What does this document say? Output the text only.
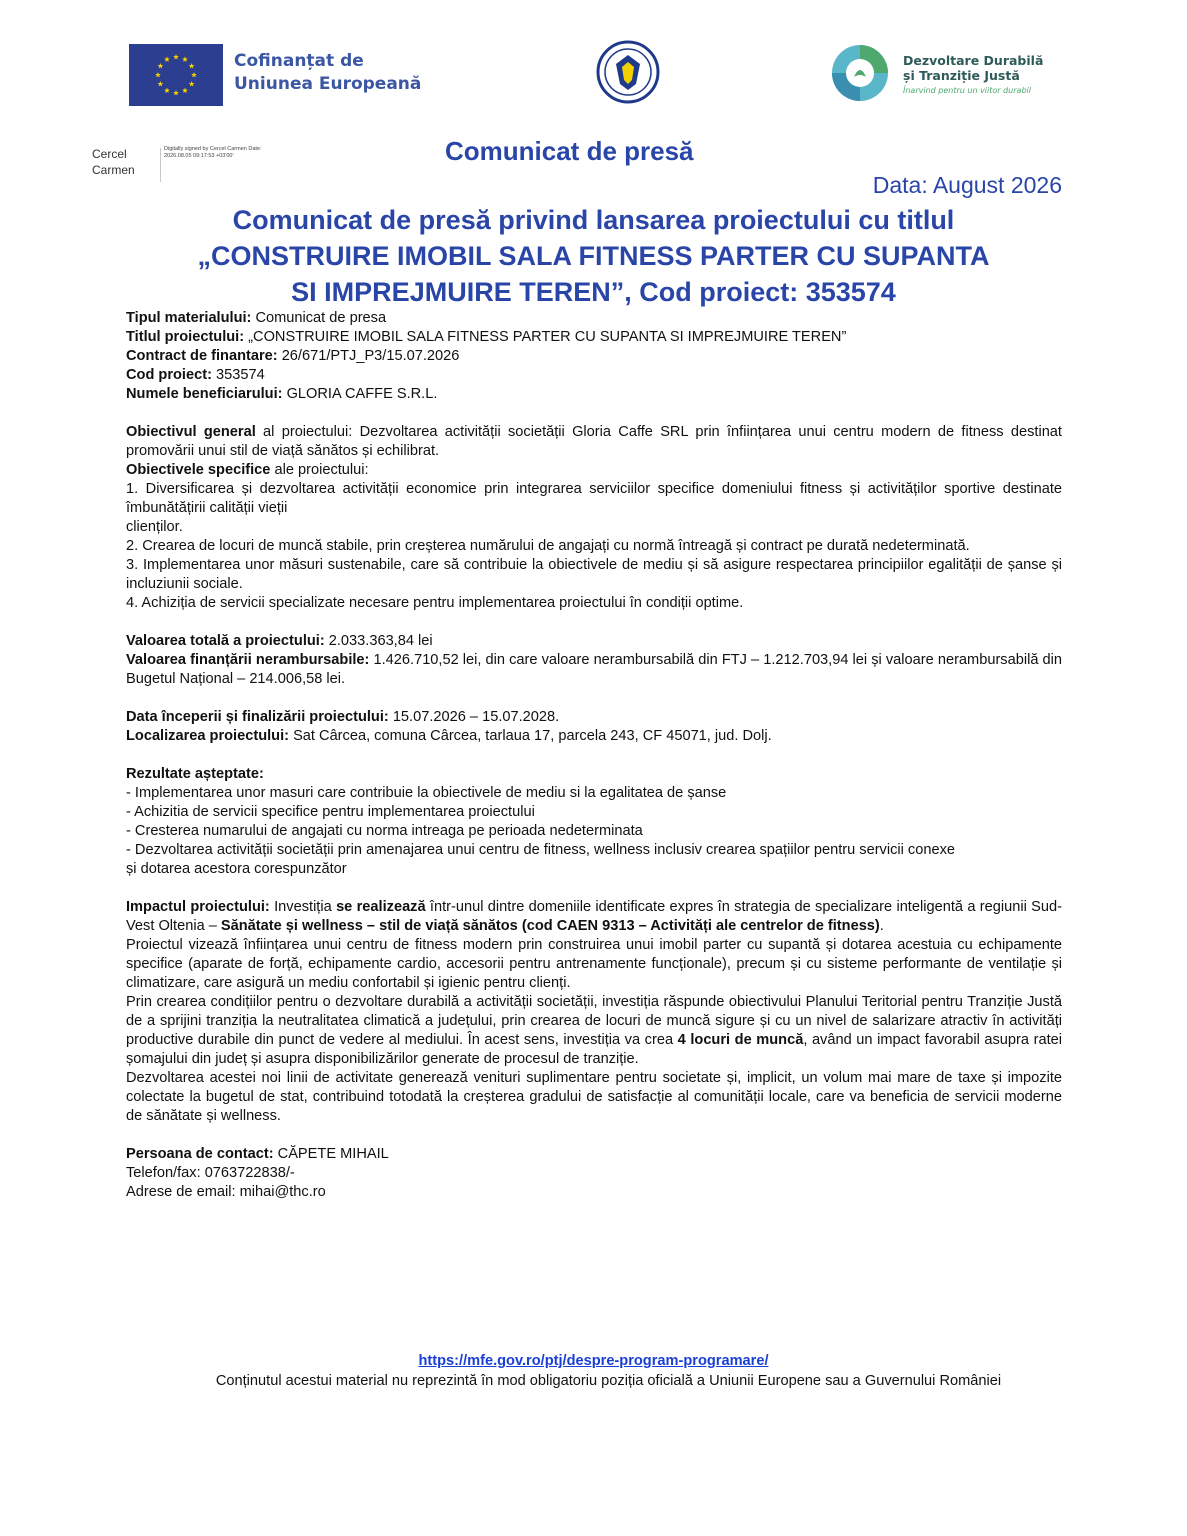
Cofinanțat de
Uniunea Europeană
Dezvoltare Durabilă
și Tranziție Justă
Înarvind pentru un viitor durabil
Cercel
Carmen
Digitally signed by Cercel Carmen Date: 2026.08.05 09:17:53 +03'00'	Comunicat de presă
Data: August 2026
Comunicat de presă privind lansarea proiectului cu titlul
„CONSTRUIRE IMOBIL SALA FITNESS PARTER CU SUPANTA
SI IMPREJMUIRE TEREN”, Cod proiect: 353574

Tipul materialului: Comunicat de presa

Titlul proiectului: „CONSTRUIRE IMOBIL SALA FITNESS PARTER CU SUPANTA SI IMPREJMUIRE TEREN”

Contract de finantare: 26/671/PTJ_P3/15.07.2026

Cod proiect: 353574

Numele beneficiarului: GLORIA CAFFE S.R.L.

Obiectivul general al proiectului: Dezvoltarea activității societății Gloria Caffe SRL prin înființarea unui centru modern de fitness destinat promovării unui stil de viață sănătos și echilibrat.

Obiectivele specifice ale proiectului:

1. Diversificarea și dezvoltarea activității economice prin integrarea serviciilor specifice domeniului fitness și activităților sportive destinate îmbunătățirii calității vieții

clienților.

2. Crearea de locuri de muncă stabile, prin creșterea numărului de angajați cu normă întreagă și contract pe durată nedeterminată.

3. Implementarea unor măsuri sustenabile, care să contribuie la obiectivele de mediu și să asigure respectarea principiilor egalității de șanse și incluziunii sociale.

4. Achiziția de servicii specializate necesare pentru implementarea proiectului în condiții optime.

Valoarea totală a proiectului: 2.033.363,84 lei

Valoarea finanțării nerambursabile: 1.426.710,52 lei, din care valoare nerambursabilă din FTJ – 1.212.703,94 lei și valoare nerambursabilă din Bugetul Național – 214.006,58 lei.

Data începerii și finalizării proiectului: 15.07.2026 – 15.07.2028.

Localizarea proiectului: Sat Cârcea, comuna Cârcea, tarlaua 17, parcela 243, CF 45071, jud. Dolj.

Rezultate așteptate:

- Implementarea unor masuri care contribuie la obiectivele de mediu si la egalitatea de șanse

- Achizitia de servicii specifice pentru implementarea proiectului

- Cresterea numarului de angajati cu norma intreaga pe perioada nedeterminata

- Dezvoltarea activității societății prin amenajarea unui centru de fitness, wellness inclusiv crearea spațiilor pentru servicii conexe

și dotarea acestora corespunzător

Impactul proiectului: Investiția se realizează într-unul dintre domeniile identificate expres în strategia de specializare inteligentă a regiunii Sud-Vest Oltenia – Sănătate și wellness – stil de viață sănătos (cod CAEN 9313 – Activități ale centrelor de fitness).

Proiectul vizează înființarea unui centru de fitness modern prin construirea unui imobil parter cu supantă și dotarea acestuia cu echipamente specifice (aparate de forță, echipamente cardio, accesorii pentru antrenamente funcționale), precum și cu sisteme performante de ventilație și climatizare, care asigură un mediu confortabil și igienic pentru clienți.

Prin crearea condițiilor pentru o dezvoltare durabilă a activității societății, investiția răspunde obiectivului Planului Teritorial pentru Tranziție Justă de a sprijini tranziția la neutralitatea climatică a județului, prin crearea de locuri de muncă sigure și cu un nivel de salarizare atractiv în activități productive durabile din punct de vedere al mediului. În acest sens, investiția va crea 4 locuri de muncă, având un impact favorabil asupra ratei șomajului din județ și asupra disponibilizărilor generate de procesul de tranziție.

Dezvoltarea acestei noi linii de activitate generează venituri suplimentare pentru societate și, implicit, un volum mai mare de taxe și impozite colectate la bugetul de stat, contribuind totodată la creșterea gradului de satisfacție al comunității locale, care va beneficia de servicii moderne de sănătate și wellness.

Persoana de contact: CĂPETE MIHAIL

Telefon/fax: 0763722838/-

Adrese de email: mihai@thc.ro

https://mfe.gov.ro/ptj/despre-program-programare/
Conținutul acestui material nu reprezintă în mod obligatoriu poziția oficială a Uniunii Europene sau a Guvernului României
